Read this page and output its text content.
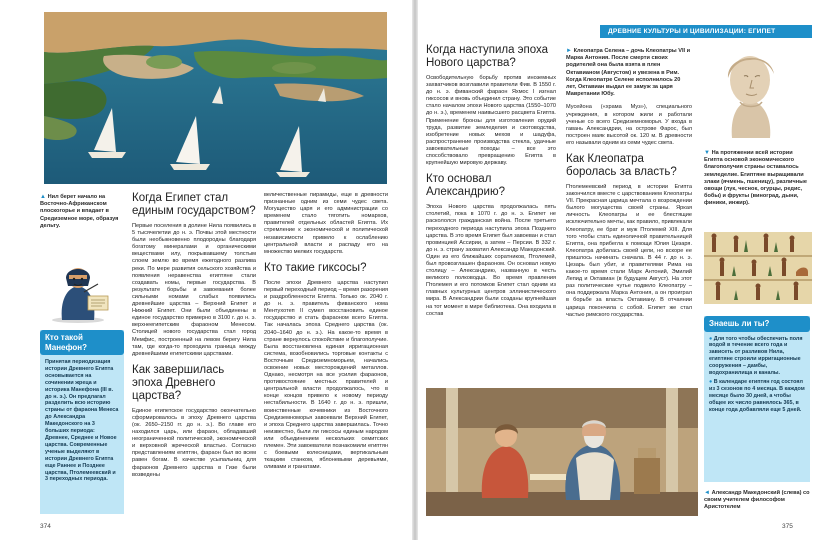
▲ Нил берет начало на Восточно-Африканском плоскогорье и впадает в Средиземное море, образуя дельту.

Кто такой Манефон?

Принятая периодизация истории Древнего Египта основывается на сочинении жреца и историка Манефона (III в. до н. э.). Он предлагал разделить всю историю страны от фараона Менеса до Александра Македонского на 3 больших периода: Древнее, Среднее и Новое царства. Современные ученые выделяют в истории Древнего Египта еще Раннее и Позднее царства, Птолемеевский и 3 переходных периода.

Когда Египет стал единым государством?

Первые поселения в долине Нила появились в 5 тысячелетии до н. э. Почвы этой местности были необыкновенно плодородны благодаря богатому минералами и органическими веществами илу, покрывавшему толстым слоем землю во время ежегодного разлива реки. По мере развития сельского хозяйства и появления неравенства египтяне стали создавать номы, первые государства. В результате борьбы и завоевания более сильными номами слабых появились древнейшие царства – Верхний Египет и Нижний Египет. Они были объединены в единое государство примерно в 3100 г. до н. э. верхнеегипетским фараоном Менесом. Столицей нового государства стал город Мемфис, построенный на левом берегу Нила там, где когда-то проходила граница между древнейшими египетскими царствами.

Как завершилась эпоха Древнего царства?

Единое египетское государство окончательно сформировалось в эпоху Древнего царства (ок. 2650–2150 гг. до н. э.). Во главе его находился царь, или фараон, обладавший неограниченной политической, экономической и верховной жреческой властью. Согласно представлениям египтян, фараон был во всем равен богам. В качестве усыпальниц для фараонов Древнего царства в Гизе были возведены

величественные пирамиды, еще в древности признанные одним из семи чудес света. Могущество царя и его администрации со временем стало тяготить номархов, правителей отдельных областей Египта. Их стремление к экономической и политической независимости привело к ослаблению центральной власти и распаду его на множество мелких государств.

Кто такие гиксосы?

После эпохи Древнего царства наступил первый переходный период – время разорения и раздробленности Египта. Только ок. 2040 г. до н. э. правитель фиванского нома Ментухотеп II сумел восстановить единое государство и стать фараоном всего Египта. Так началась эпоха Среднего царства (ок. 2040–1640 до н. э.). На какое-то время в стране вернулось спокойствие и благополучие. Была восстановлена единая ирригационная система, возобновились торговые контакты с Восточным Средиземноморьем, начались освоение новых месторождений металлов. Однако, несмотря на все усилия фараонов, противостояние местных правителей и центральной власти продолжалось, что в конце концов привело к новому периоду нестабильности. В 1640 г. до н. э. пришли, воинственные кочевники из Восточного Средиземноморья завоевали Верхний Египет, и эпоха Среднего царства завершилась. Точно неизвестно, были ли гиксосы единым народом или объединением нескольких семитских племен. Эти завоеватели познакомили египтян с боевыми колесницами, вертикальным ткацким станком, яблоневыми деревьями, оливами и гранатами.

374
ДРЕВНИЕ КУЛЬТУРЫ И ЦИВИЛИЗАЦИИ: ЕГИПЕТ
Когда наступила эпоха Нового царства?

Освободительную борьбу против иноземных захватчиков возглавили правители Фив. В 1550 г. до н. э. фиванский фараон Яхмос I изгнал гиксосов и вновь объединил страну. Это событие стало началом эпохи Нового царства (1550–1070 до н. э.), временем наивысшего расцвета Египта. Применение бронзы для изготовления орудий труда, развитие земледелия и скотоводства, изобретение новых мехов и шадуфа, распространение производства стекла, удачные завоевательные походы – все это способствовало превращению Египта в крупнейшую мировую державу.

Кто основал Александрию?

Эпоха Нового царства продолжалась пять столетий, пока в 1070 г. до н. э. Египет не раскололся гражданская война. После третьего переходного периода наступила эпоха Позднего царства. В это время Египет был завоеван и стал провинцией Ассирии, а затем – Персии. В 332 г. до н. э. страну захватил Александр Македонский. Один из его ближайших соратников, Птолемей, был провозглашен фараоном. Он основал новую столицу – Александрию, названную в честь великого полководца. Во время правления Птолемея и его потомков Египет стал одним из главных культурных центров эллинистического мира. В Александрии были созданы крупнейшая на тот момент в мире библиотека. Она входила в состав

► Клеопатра Селена – дочь Клеопатры VII и Марка Антония. После смерти своих родителей она была взята в плен Октавианом (Августом) и увезена в Рим. Когда Клеопатре Селене исполнилось 20 лет, Октавиан выдал ее замуж за царя Мавретании Юбу.

Мусейона («храма Муз»), специального учреждения, в котором жили и работали ученые со всего Средиземноморья. У входа в гавань Александрии, на острове Фарос, был построен маяк высотой ок. 120 м. В древности его называли одним из семи чудес света.

Как Клеопатра боролась за власть?

Птолемеевский период в истории Египта закончился вместе с царствованием Клеопатры VII. Прекрасная царица мечтала о возрождении былого могущества своей страны. Яркая личность Клеопатры и ее блестящие исключительно мечты, как правило, привлекали Клеопатру, ее брат и муж Птолемей XIII. Для того чтобы стать единоличной правительницей Египта, она прибегла к помощи Юлия Цезаря. Клеопатра добилась своей цели, но вскоре ее пришлось начинать сначала. В 44 г. до н. э. Цезарь был убит, и правителями Рима на какое-то время стали Марк Антоний, Эмилий Лепид и Октавиан (в будущем Август). На этот раз политические чутье подвело Клеопатру – она поддержала Марка Антония, а он проиграл в борьбе за власть Октавиану. В отчаянии царица покончила с собой. Египет же стал частью римского государства.

▼ На протяжении всей истории Египта основой экономического благополучия страны оставалось земледелие. Египтяне выращивали злаки (ячмень, пшеницу), различные овощи (лук, чеснок, огурцы, редис, бобы) и фрукты (виноград, дыни, финики, инжир).

Знаешь ли ты?
● Для того чтобы обеспечить поля водой в течение всего года и зависеть от разливов Нила, египтяне строили ирригационные сооружения – дамбы, водохранилища и каналы.
● В календаре египтян год состоял из 3 сезонов по 4 месяца. В каждом месяце было 30 дней, а чтобы общее их число равнялось 365, в конце года добавляли еще 5 дней.

◄ Александр Македонский (слева) со своим учителем философом Аристотелем

375
